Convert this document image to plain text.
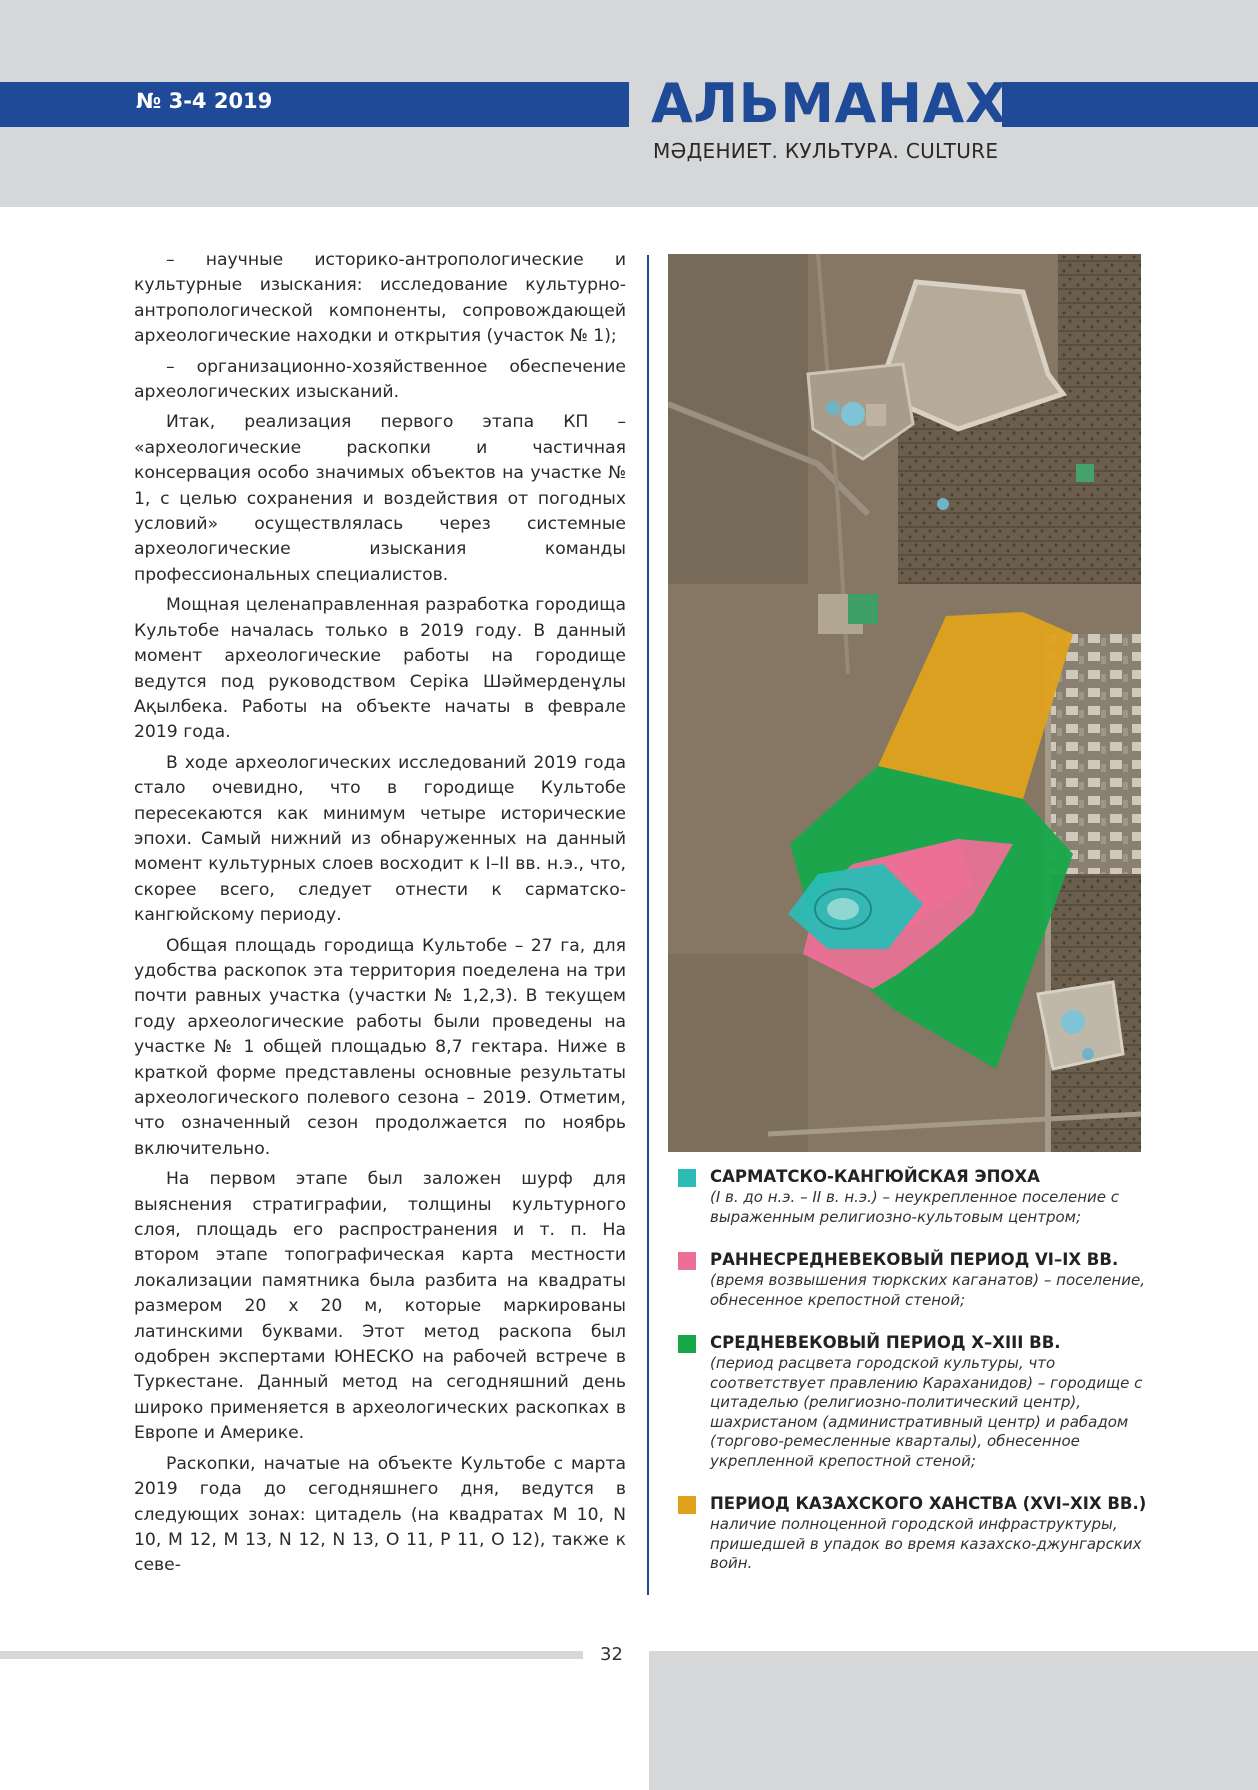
№ 3-4 2019	АЛЬМАНАХ
МӘДЕНИЕТ. КУЛЬТУРА. CULTURE

– научные историко-антропологические и культурные изыскания: исследование культурно-антропологической компоненты, сопровождающей археологические находки и открытия (участок № 1);

– организационно-хозяйственное обеспечение археологических изысканий.

Итак, реализация первого этапа КП – «археологические раскопки и частичная консервация особо значимых объектов на участке № 1, с целью сохранения и воздействия от погодных условий» осуществлялась через системные археологические изыскания команды профессиональных специалистов.

Мощная целенаправленная разработка городища Культобе началась только в 2019 году. В данный момент археологические работы на городище ведутся под руководством Серiка Шәймерденұлы Ақылбека. Работы на объекте начаты в феврале 2019 года.

В ходе археологических исследований 2019 года стало очевидно, что в городище Культобе пересекаются как минимум четыре исторические эпохи. Самый нижний из обнаруженных на данный момент культурных слоев восходит к I–II вв. н.э., что, скорее всего, следует отнести к сарматско-кангюйскому периоду.

Общая площадь городища Культобе – 27 га, для удобства раскопок эта территория поеделена на три почти равных участка (участки № 1,2,3). В текущем году археологические работы были проведены на участке № 1 общей площадью 8,7 гектара. Ниже в краткой форме представлены основные результаты археологического полевого сезона – 2019. Отметим, что означенный сезон продолжается по ноябрь включительно.

На первом этапе был заложен шурф для выяснения стратиграфии, толщины культурного слоя, площадь его распространения и т. п. На втором этапе топографическая карта местности локализации памятника была разбита на квадраты размером 20 х 20 м, которые маркированы латинскими буквами. Этот метод раскопа был одобрен экспертами ЮНЕСКО на рабочей встрече в Туркестане. Данный метод на сегодняшний день широко применяется в археологических раскопках в Европе и Америке.

Раскопки, начатые на объекте Культобе с марта 2019 года до сегодняшнего дня, ведутся в следующих зонах: цитадель (на квадратах M 10, N 10, M 12, M 13, N 12, N 13, O 11, P 11, O 12), также к севе-

САРМАТСКО-КАНГЮЙСКАЯ ЭПОХА
(I в. до н.э. – II в. н.э.) – неукрепленное поселение с выраженным религиозно-культовым центром;
РАННЕСРЕДНЕВЕКОВЫЙ ПЕРИОД VI–IX ВВ.
(время возвышения тюркских каганатов) – поселение, обнесенное крепостной стеной;
СРЕДНЕВЕКОВЫЙ ПЕРИОД X–XIII ВВ.
(период расцвета городской культуры, что соответствует правлению Караханидов) – городище с цитаделью (религиозно-политический центр), шахристаном (административный центр) и рабадом (торгово-ремесленные кварталы), обнесенное укрепленной крепостной стеной;
ПЕРИОД КАЗАХСКОГО ХАНСТВА (XVI–XIX ВВ.)
наличие полноценной городской инфраструктуры, пришедшей в упадок во время казахско-джунгарских войн.
32
